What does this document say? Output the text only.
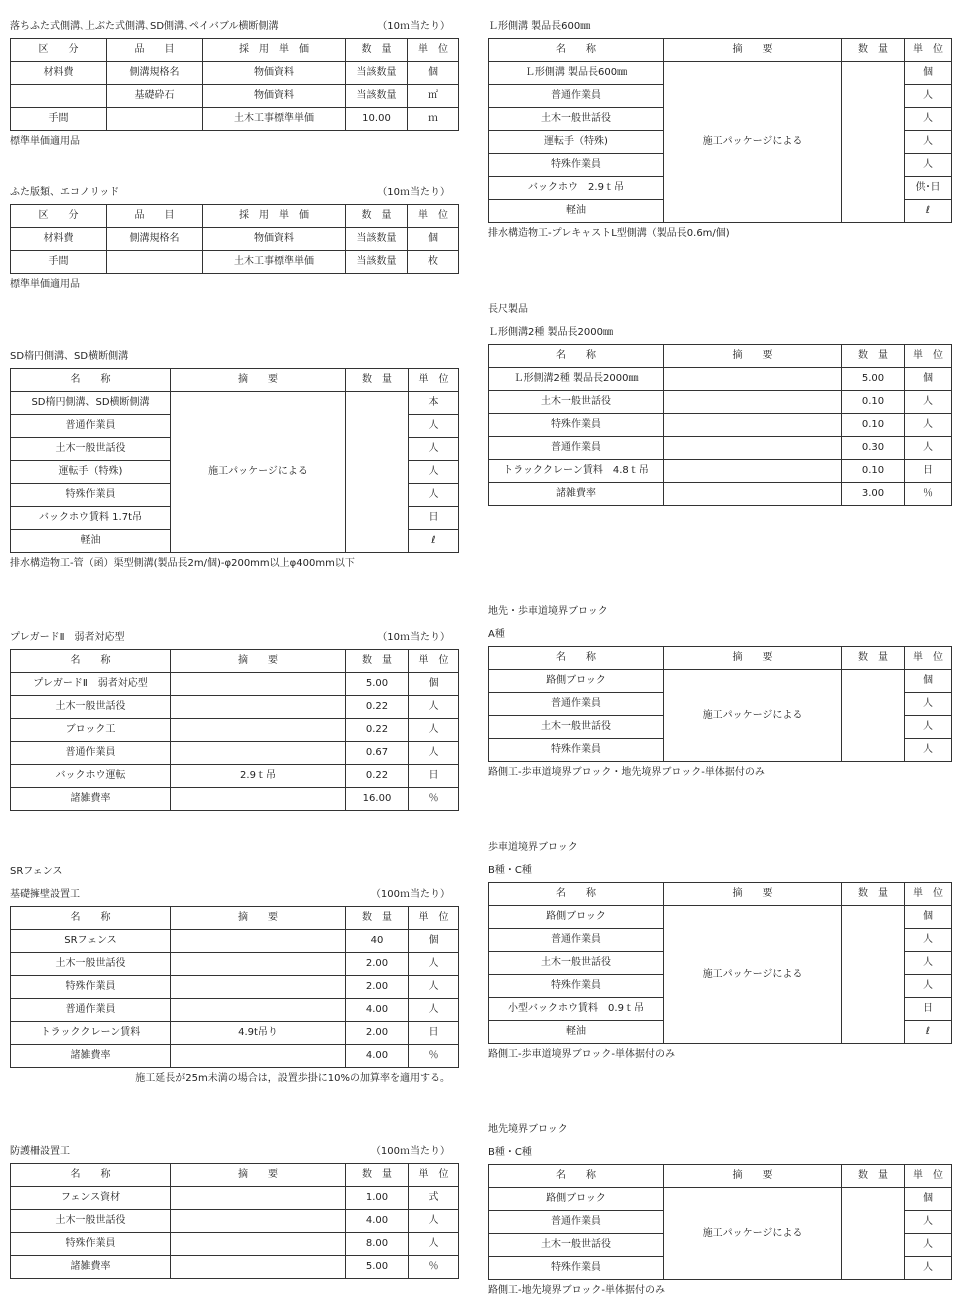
落ちふた式側溝､上ぶた式側溝､SD側溝､ペイバブル横断側溝	（10ｍ当たり）
区　　分	品　　目	採　用　単　価	数　量	単　位
材料費	側溝規格名	物価資料	当該数量	個
	基礎砕石	物価資料	当該数量	㎡
手間		土木工事標準単価	10.00	ｍ
標準単価適用品
ふた版類、エコノリッド	（10ｍ当たり）
区　　分	品　　目	採　用　単　価	数　量	単　位
材料費	側溝規格名	物価資料	当該数量	個
手間		土木工事標準単価	当該数量	枚
標準単価適用品
SD楕円側溝、SD横断側溝
名　　称	摘　　要	数　量	単　位
SD楕円側溝、SD横断側溝	施工パッケージによる		本
普通作業員			人
土木一般世話役			人
運転手（特殊)			人
特殊作業員			人
バックホウ賃料 1.7t吊			日
軽油			ℓ
排水構造物工-管（函）渠型側溝(製品長2m/個)-φ200mm以上φ400mm以下
プレガードⅡ　弱者対応型	（10ｍ当たり）
名　　称	摘　　要	数　量	単　位
プレガードⅡ　弱者対応型		5.00	個
土木一般世話役		0.22	人
ブロック工		0.22	人
普通作業員		0.67	人
バックホウ運転	2.9ｔ吊	0.22	日
諸雑費率		16.00	％
SRフェンス
基礎擁壁設置工	（100ｍ当たり）
名　　称	摘　　要	数　量	単　位
SRフェンス		40	個
土木一般世話役		2.00	人
特殊作業員		2.00	人
普通作業員		4.00	人
トラッククレーン賃料	4.9t吊り	2.00	日
諸雑費率		4.00	％
施工延長が25m未満の場合は，設置歩掛に10%の加算率を適用する。
防護柵設置工	（100ｍ当たり）
名　　称	摘　　要	数　量	単　位
フェンス資材		1.00	式
土木一般世話役		4.00	人
特殊作業員		8.00	人
諸雑費率		5.00	％
Ｌ形側溝 製品長600㎜
名　　称	摘　　要	数　量	単　位
Ｌ形側溝 製品長600㎜	施工パッケージによる		個
普通作業員			人
土木一般世話役			人
運転手（特殊)			人
特殊作業員			人
バックホウ　2.9ｔ吊			供･日
軽油			ℓ
排水構造物工-プレキャストL型側溝（製品長0.6m/個)
長尺製品
Ｌ形側溝2種 製品長2000㎜
名　　称	摘　　要	数　量	単　位
Ｌ形側溝2種 製品長2000㎜		5.00	個
土木一般世話役		0.10	人
特殊作業員		0.10	人
普通作業員		0.30	人
トラッククレーン賃料　4.8ｔ吊		0.10	日
諸雑費率		3.00	％
地先・歩車道境界ブロック
A種
名　　称	摘　　要	数　量	単　位
路側ブロック	施工パッケージによる		個
普通作業員			人
土木一般世話役			人
特殊作業員			人
路側工-歩車道境界ブロック・地先境界ブロック-単体据付のみ
歩車道境界ブロック
B種・C種
名　　称	摘　　要	数　量	単　位
路側ブロック	施工パッケージによる		個
普通作業員			人
土木一般世話役			人
特殊作業員			人
小型バックホウ賃料　0.9ｔ吊			日
軽油			ℓ
路側工-歩車道境界ブロック-単体据付のみ
地先境界ブロック
B種・C種
名　　称	摘　　要	数　量	単　位
路側ブロック	施工パッケージによる		個
普通作業員			人
土木一般世話役			人
特殊作業員			人
路側工-地先境界ブロック-単体据付のみ
